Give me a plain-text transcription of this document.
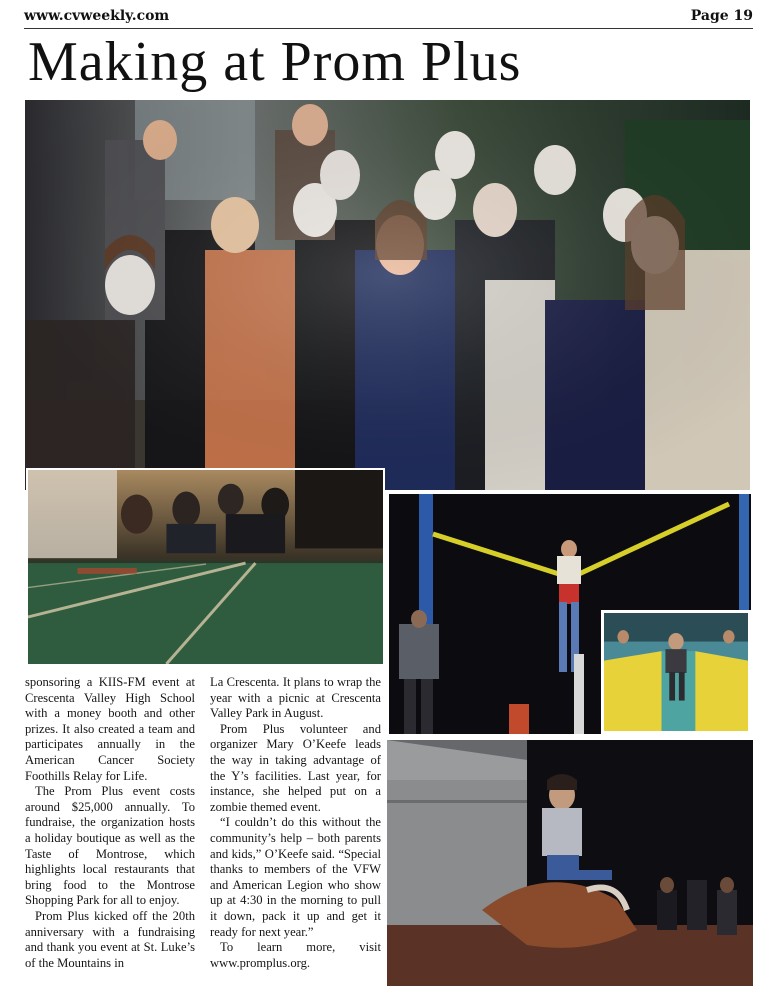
www.cvweekly.com	Page 19
Making at Prom Plus

sponsoring a KIIS-FM event at Crescenta Valley High School with a money booth and other prizes. It also created a team and participates annually in the American Cancer Society Foothills Relay for Life.

The Prom Plus event costs around $25,000 annually. To fundraise, the organization hosts a holiday boutique as well as the Taste of Montrose, which highlights local restaurants that bring food to the Montrose Shopping Park for all to enjoy.

Prom Plus kicked off the 20th anniversary with a fundraising and thank you event at St. Luke’s of the Mountains in

La Crescenta. It plans to wrap the year with a picnic at Crescenta Valley Park in August.

Prom Plus volunteer and organizer Mary O’Keefe leads the way in taking advantage of the Y’s facilities. Last year, for instance, she helped put on a zombie themed event.

“I couldn’t do this without the community’s help – both parents and kids,” O’Keefe said. “Special thanks to members of the VFW and American Legion who show up at 4:30 in the morning to pull it down, pack it up and get it ready for next year.”

To learn more, visit www.promplus.org.
